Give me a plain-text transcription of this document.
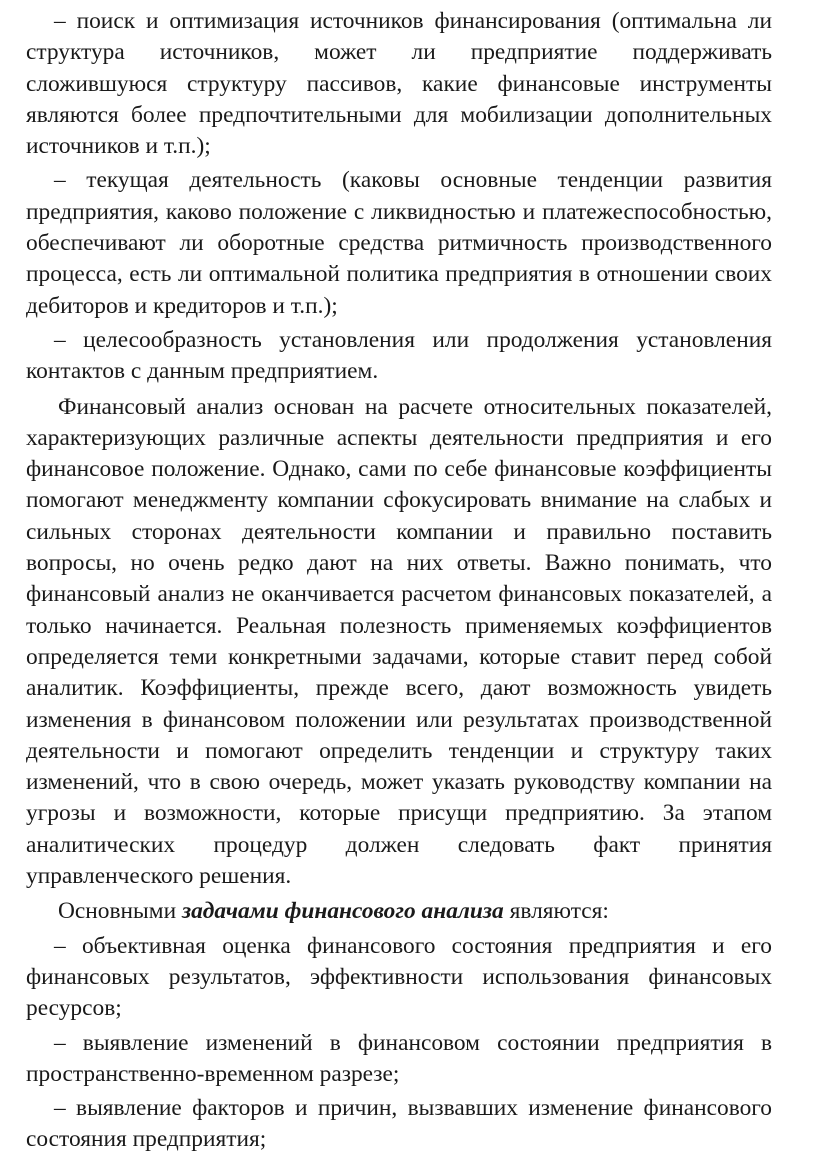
– поиск и оптимизация источников финансирования (оптимальна ли структура источников, может ли предприятие поддерживать сложившуюся структуру пассивов, какие финансовые инструменты являются более предпочтительными для мобилизации дополнительных источников и т.п.);

– текущая деятельность (каковы основные тенденции развития предприятия, каково положение с ликвидностью и платежеспособностью, обеспечивают ли оборотные средства ритмичность производственного процесса, есть ли оптимальной политика предприятия в отношении своих дебиторов и кредиторов и т.п.);

– целесообразность установления или продолжения установления контактов с данным предприятием.

Финансовый анализ основан на расчете относительных показателей, характеризующих различные аспекты деятельности предприятия и его финансовое положение. Однако, сами по себе финансовые коэффициенты помогают менеджменту компании сфокусировать внимание на слабых и сильных сторонах деятельности компании и правильно поставить вопросы, но очень редко дают на них ответы. Важно понимать, что финансовый анализ не оканчивается расчетом финансовых показателей, а только начинается. Реальная полезность применяемых коэффициентов определяется теми конкретными задачами, которые ставит перед собой аналитик. Коэффициенты, прежде всего, дают возможность увидеть изменения в финансовом положении или результатах производственной деятельности и помогают определить тенденции и структуру таких изменений, что в свою очередь, может указать руководству компании на угрозы и возможности, которые присущи предприятию. За этапом аналитических процедур должен следовать факт принятия управленческого решения.

Основными задачами финансового анализа являются:

– объективная оценка финансового состояния предприятия и его финансовых результатов, эффективности использования финансовых ресурсов;

– выявление изменений в финансовом состоянии предприятия в пространственно-временном разрезе;

– выявление факторов и причин, вызвавших изменение финансового состояния предприятия;
